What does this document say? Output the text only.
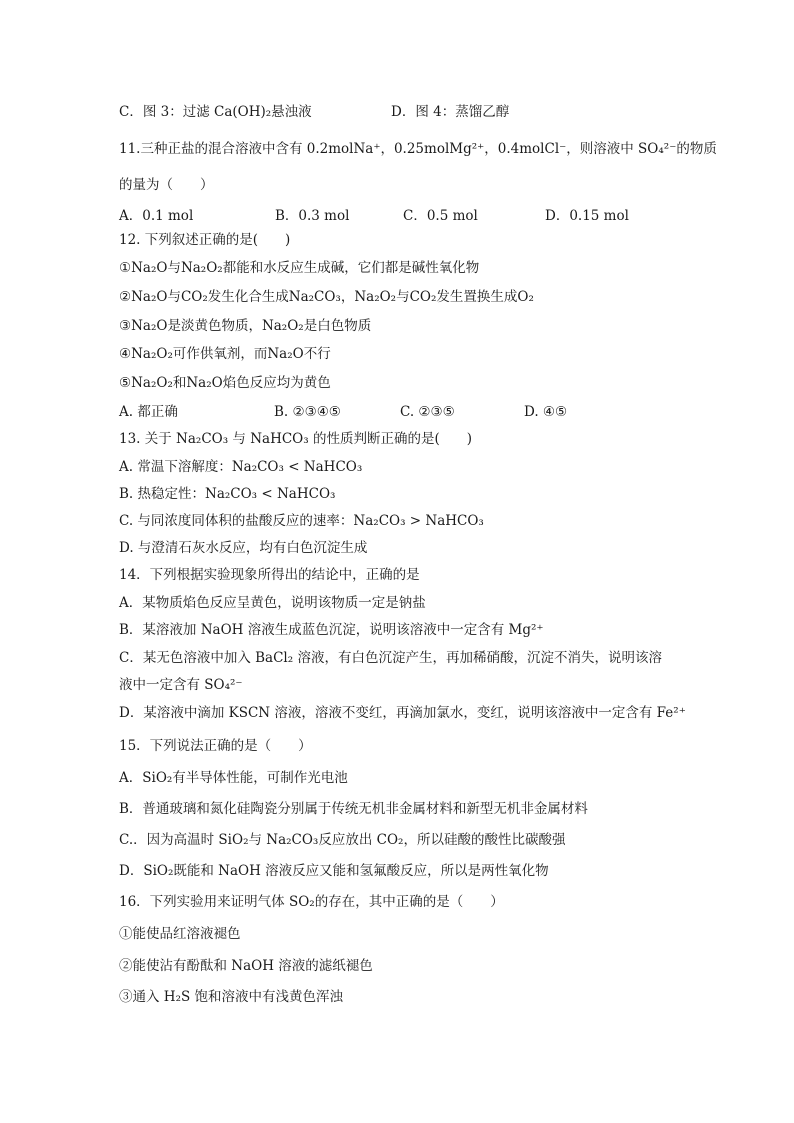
C．图 3：过滤 Ca(OH)₂悬浊液	D．图 4：蒸馏乙醇
11.三种正盐的混合溶液中含有 0.2molNa⁺，0.25molMg²⁺，0.4molCl⁻，则溶液中 SO₄²⁻的物质
的量为（　　）
A．0.1 mol	B．0.3 mol	C．0.5 mol	D．0.15 mol
12. 下列叙述正确的是(　　)
①Na₂O与Na₂O₂都能和水反应生成碱，它们都是碱性氧化物
②Na₂O与CO₂发生化合生成Na₂CO₃，Na₂O₂与CO₂发生置换生成O₂
③Na₂O是淡黄色物质，Na₂O₂是白色物质
④Na₂O₂可作供氧剂，而Na₂O不行
⑤Na₂O₂和Na₂O焰色反应均为黄色
A. 都正确	B. ②③④⑤	C. ②③⑤	D. ④⑤
13. 关于 Na₂CO₃ 与 NaHCO₃ 的性质判断正确的是(　　)
A. 常温下溶解度：Na₂CO₃ < NaHCO₃
B. 热稳定性：Na₂CO₃ < NaHCO₃
C. 与同浓度同体积的盐酸反应的速率：Na₂CO₃ > NaHCO₃
D. 与澄清石灰水反应，均有白色沉淀生成
14．下列根据实验现象所得出的结论中，正确的是
A．某物质焰色反应呈黄色，说明该物质一定是钠盐
B．某溶液加 NaOH 溶液生成蓝色沉淀，说明该溶液中一定含有 Mg²⁺
C．某无色溶液中加入 BaCl₂ 溶液，有白色沉淀产生，再加稀硝酸，沉淀不消失，说明该溶
液中一定含有 SO₄²⁻
D．某溶液中滴加 KSCN 溶液，溶液不变红，再滴加氯水，变红，说明该溶液中一定含有 Fe²⁺
15．下列说法正确的是（　　）
A．SiO₂有半导体性能，可制作光电池
B．普通玻璃和氮化硅陶瓷分别属于传统无机非金属材料和新型无机非金属材料
C.．因为高温时 SiO₂与 Na₂CO₃反应放出 CO₂，所以硅酸的酸性比碳酸强
D．SiO₂既能和 NaOH 溶液反应又能和氢氟酸反应，所以是两性氧化物
16．下列实验用来证明气体 SO₂的存在，其中正确的是（　　）
①能使品红溶液褪色
②能使沾有酚酞和 NaOH 溶液的滤纸褪色
③通入 H₂S 饱和溶液中有浅黄色浑浊
